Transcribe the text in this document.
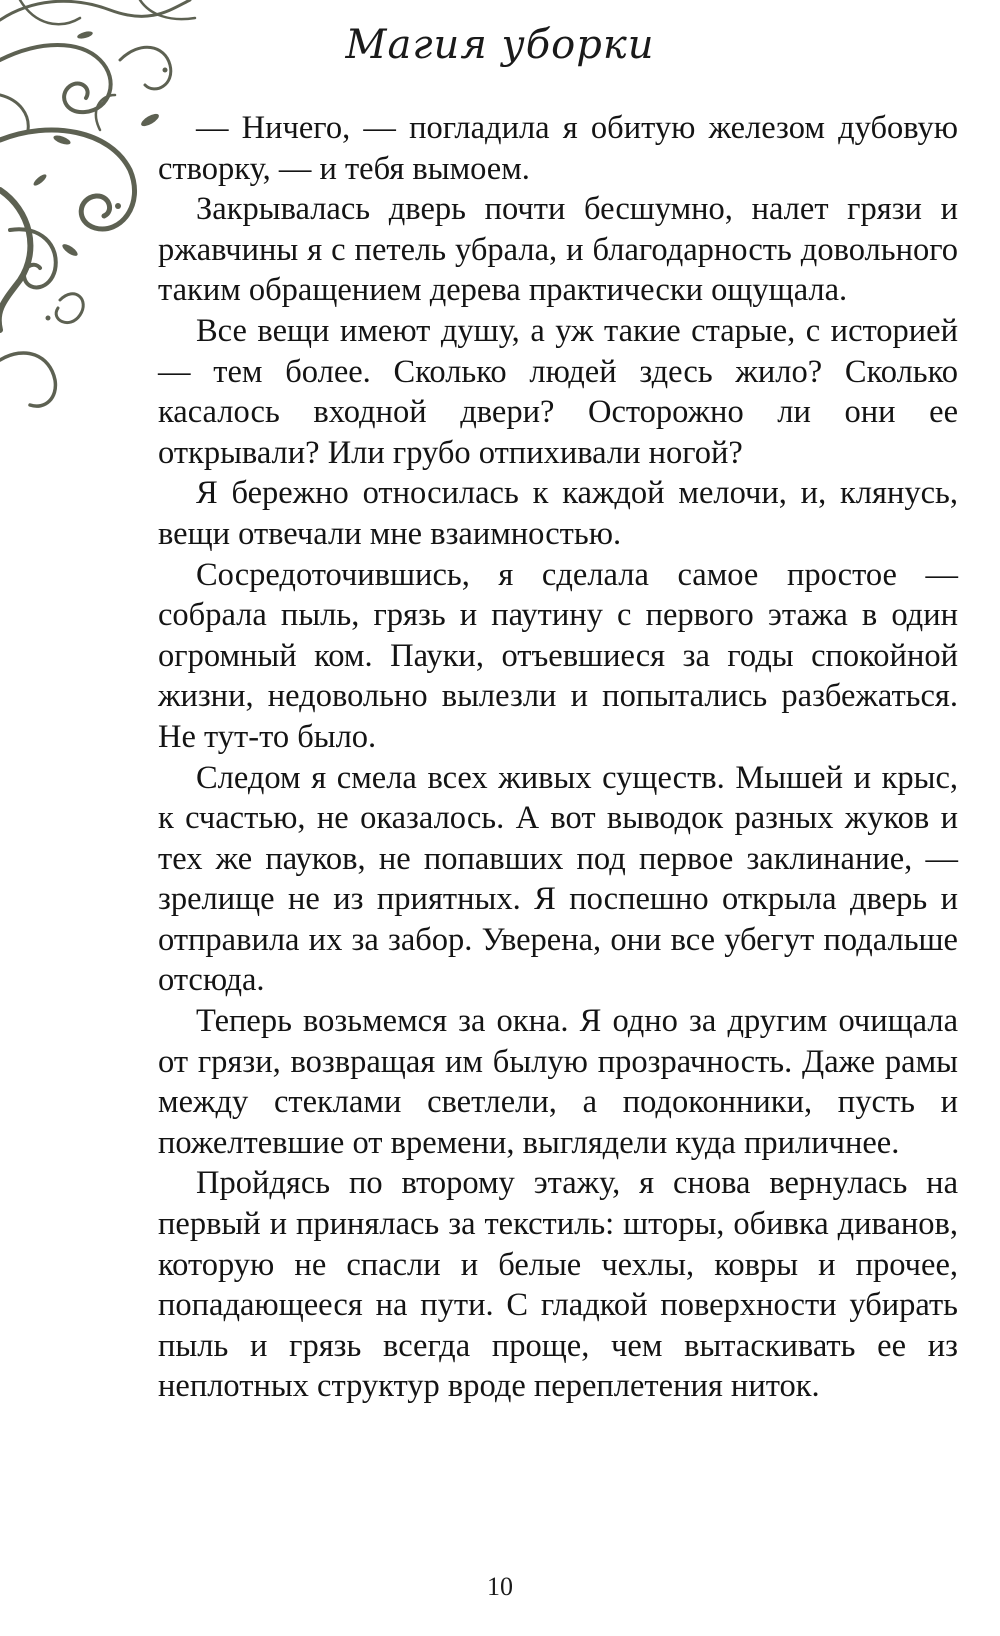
Магия уборки

— Ничего, — погладила я обитую железом дубовую створку, — и тебя вымоем.

Закрывалась дверь почти бесшумно, налет грязи и ржавчины я с петель убрала, и благодарность довольного таким обращением дерева практически ощущала.

Все вещи имеют душу, а уж такие старые, с историей — тем более. Сколько людей здесь жило? Сколько касалось входной двери? Осторожно ли они ее открывали? Или грубо отпихивали ногой?

Я бережно относилась к каждой мелочи, и, клянусь, вещи отвечали мне взаимностью.

Сосредоточившись, я сделала самое простое — собрала пыль, грязь и паутину с первого этажа в один огромный ком. Пауки, отъевшиеся за годы спокойной жизни, недовольно вылезли и попытались разбежаться. Не тут-то было.

Следом я смела всех живых существ. Мышей и крыс, к счастью, не оказалось. А вот выводок разных жуков и тех же пауков, не попавших под первое заклинание, — зрелище не из приятных. Я поспешно открыла дверь и отправила их за забор. Уверена, они все убегут подальше отсюда.

Теперь возьмемся за окна. Я одно за другим очищала от грязи, возвращая им былую прозрачность. Даже рамы между стеклами светлели, а подоконники, пусть и пожелтевшие от времени, выглядели куда приличнее.

Пройдясь по второму этажу, я снова вернулась на первый и принялась за текстиль: шторы, обивка диванов, которую не спасли и белые чехлы, ковры и прочее, попадающееся на пути. С гладкой поверхности убирать пыль и грязь всегда проще, чем вытаскивать ее из неплотных структур вроде переплетения ниток.

10
